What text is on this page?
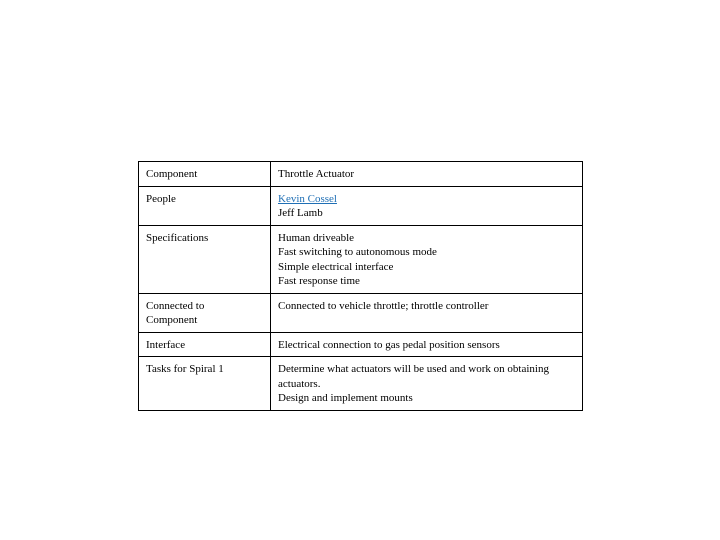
Component	Throttle Actuator

People	Kevin Cossel
Jeff Lamb

Specifications	Human driveable
Fast switching to autonomous mode
Simple electrical interface
Fast response time

Connected to
Component	Connected to vehicle throttle; throttle controller

Interface	Electrical connection to gas pedal position sensors

Tasks for Spiral 1	Determine what actuators will be used and work on obtaining
actuators.
Design and implement mounts
